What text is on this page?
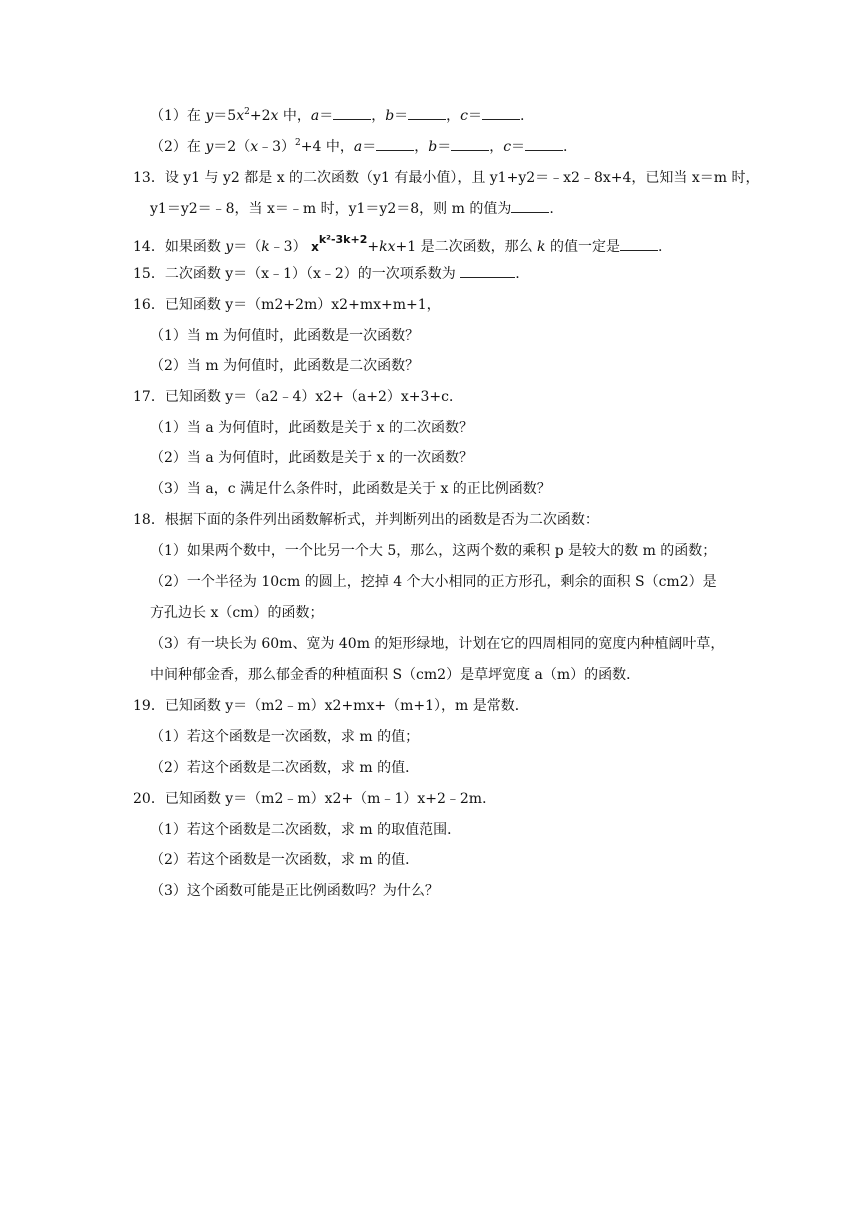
（1）在 $y=5x^2+2x$ 中，a＝	，b＝	，c＝	.
（2）在 y＝2（x﹣3）$^2$+4 中，a＝	，b＝	，c＝	.
13．设 y1 与 y2 都是 x 的二次函数（y1 有最小值），且 y1+y2＝﹣x2﹣8x+4，已知当 x＝m 时，
y1＝y2＝﹣8，当 x＝﹣m 时，y1＝y2＝8，则 m 的值为	.
14．如果函数 y＝（k﹣3） xk²-3k+2+kx+1 是二次函数，那么 k 的值一定是	.
15．二次函数 y＝（x﹣1）（x﹣2）的一次项系数为	.
16．已知函数 y＝（m2+2m）x2+mx+m+1，
（1）当 m 为何值时，此函数是一次函数？
（2）当 m 为何值时，此函数是二次函数？
17．已知函数 y＝（a2﹣4）x2+（a+2）x+3+c．
（1）当 a 为何值时，此函数是关于 x 的二次函数？
（2）当 a 为何值时，此函数是关于 x 的一次函数？
（3）当 a，c 满足什么条件时，此函数是关于 x 的正比例函数？
18．根据下面的条件列出函数解析式，并判断列出的函数是否为二次函数：
（1）如果两个数中，一个比另一个大 5，那么，这两个数的乘积 p 是较大的数 m 的函数；
（2）一个半径为 10cm 的圆上，挖掉 4 个大小相同的正方形孔，剩余的面积 S（cm2）是
方孔边长 x（cm）的函数；
（3）有一块长为 60m、宽为 40m 的矩形绿地，计划在它的四周相同的宽度内种植阔叶草，
中间种郁金香，那么郁金香的种植面积 S（cm2）是草坪宽度 a（m）的函数．
19．已知函数 y＝（m2﹣m）x2+mx+（m+1），m 是常数．
（1）若这个函数是一次函数，求 m 的值；
（2）若这个函数是二次函数，求 m 的值．
20．已知函数 y＝（m2﹣m）x2+（m﹣1）x+2﹣2m．
（1）若这个函数是二次函数，求 m 的取值范围．
（2）若这个函数是一次函数，求 m 的值．
（3）这个函数可能是正比例函数吗？为什么？
